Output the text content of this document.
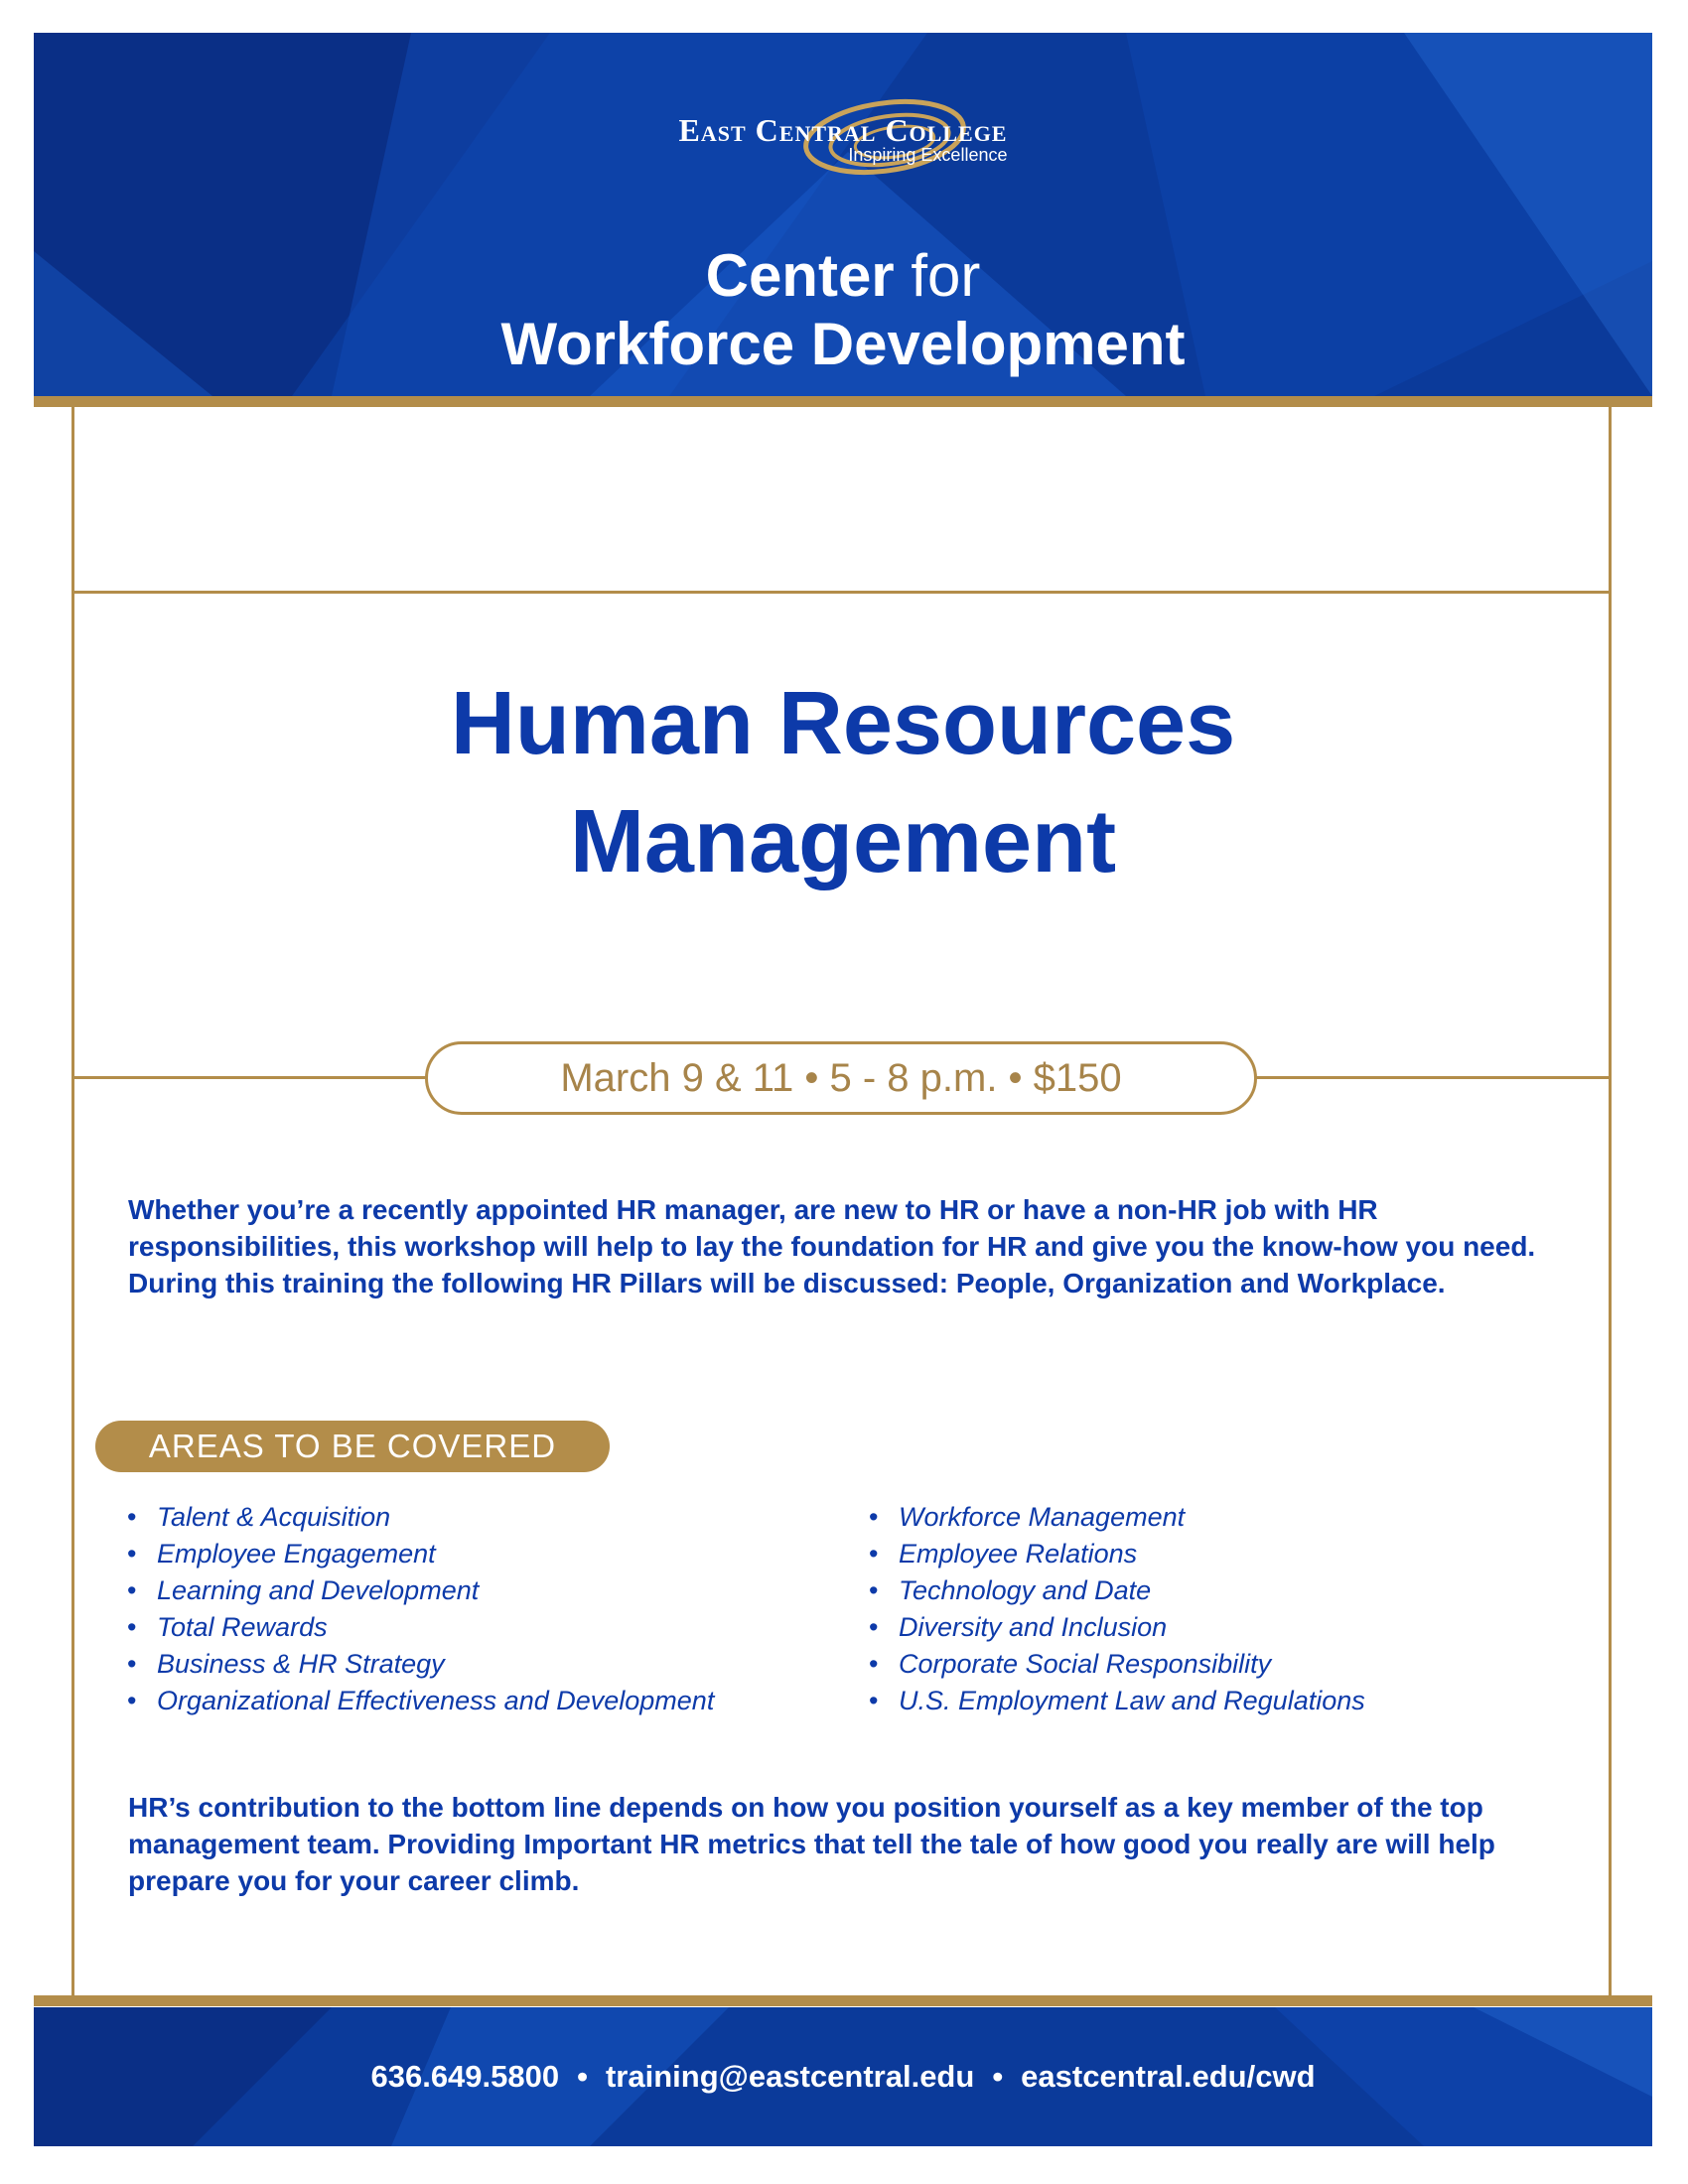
East Central College
Inspiring Excellence
Center for
Workforce Development
Human Resources
Management
March 9 & 11 • 5 - 8 p.m. • $150
Whether you’re a recently appointed HR manager, are new to HR or have a non-HR job with HR responsibilities, this workshop will help to lay the foundation for HR and give you the know-how you need. During this training the following HR Pillars will be discussed: People, Organization and Workplace.
AREAS TO BE COVERED
• Talent & Acquisition
• Employee Engagement
• Learning and Development
• Total Rewards
• Business & HR Strategy
• Organizational Effectiveness and Development
• Workforce Management
• Employee Relations
• Technology and Date
• Diversity and Inclusion
• Corporate Social Responsibility
• U.S. Employment Law and Regulations
HR’s contribution to the bottom line depends on how you position yourself as a key member of the top management team. Providing Important HR metrics that tell the tale of how good you really are will help prepare you for your career climb.
636.649.5800 • training@eastcentral.edu • eastcentral.edu/cwd
